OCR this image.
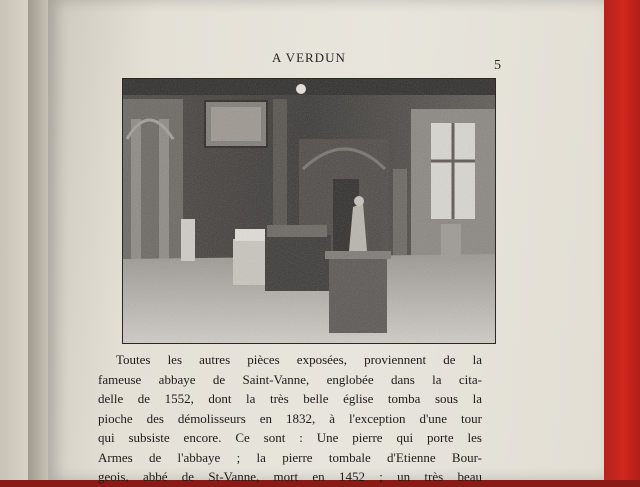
A VERDUN
5
Toutes les autres pièces exposées, proviennent de la
fameuse abbaye de Saint-Vanne, englobée dans la cita-
delle de 1552, dont la très belle église tomba sous la
pioche des démolisseurs en 1832, à l'exception d'une tour
qui subsiste encore. Ce sont : Une pierre qui porte les
Armes de l'abbaye ; la pierre tombale d'Etienne Bour-
geois, abbé de St-Vanne, mort en 1452 ; un très beau
